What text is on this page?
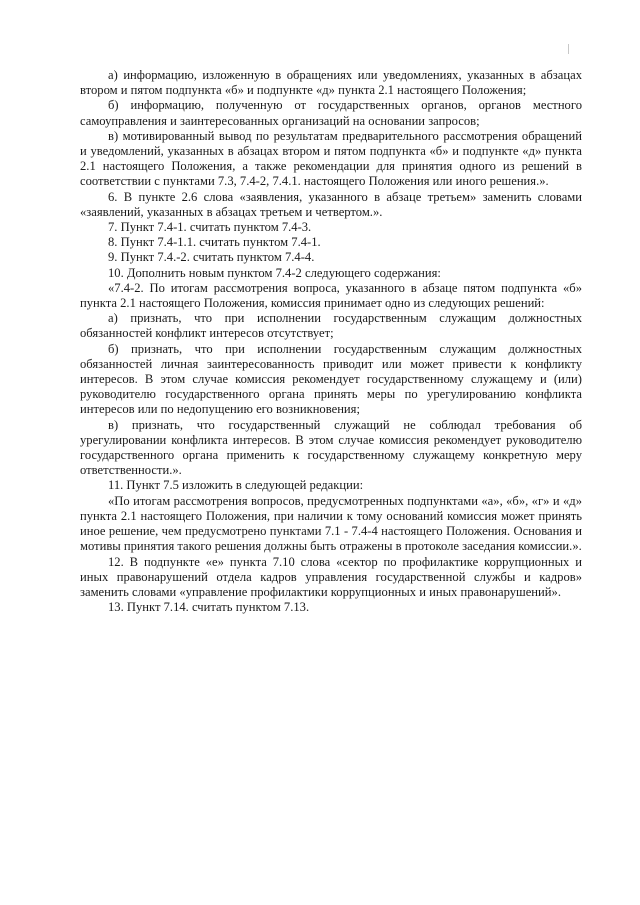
а) информацию, изложенную в обращениях или уведомлениях, указанных в абзацах втором и пятом подпункта «б» и подпункте «д» пункта 2.1 настоящего Положения;

б) информацию, полученную от государственных органов, органов местного самоуправления и заинтересованных организаций на основании запросов;

в) мотивированный вывод по результатам предварительного рассмотрения обращений и уведомлений, указанных в абзацах втором и пятом подпункта «б» и подпункте «д» пункта 2.1 настоящего Положения, а также рекомендации для принятия одного из решений в соответствии с пунктами 7.3, 7.4-2, 7.4.1. настоящего Положения или иного решения.».

6. В пункте 2.6 слова «заявления, указанного в абзаце третьем» заменить словами «заявлений, указанных в абзацах третьем и четвертом.».

7. Пункт 7.4-1. считать пунктом 7.4-3.

8. Пункт 7.4-1.1. считать пунктом 7.4-1.

9. Пункт 7.4.-2. считать пунктом 7.4-4.

10. Дополнить новым пунктом 7.4-2 следующего содержания:

«7.4-2. По итогам рассмотрения вопроса, указанного в абзаце пятом подпункта «б» пункта 2.1 настоящего Положения, комиссия принимает одно из следующих решений:

а) признать, что при исполнении государственным служащим должностных обязанностей конфликт интересов отсутствует;

б) признать, что при исполнении государственным служащим должностных обязанностей личная заинтересованность приводит или может привести к конфликту интересов. В этом случае комиссия рекомендует государственному служащему и (или) руководителю государственного органа принять меры по урегулированию конфликта интересов или по недопущению его возникновения;

в) признать, что государственный служащий не соблюдал требования об урегулировании конфликта интересов. В этом случае комиссия рекомендует руководителю государственного органа применить к государственному служащему конкретную меру ответственности.».

11. Пункт 7.5 изложить в следующей редакции:

«По итогам рассмотрения вопросов, предусмотренных подпунктами «а», «б», «г» и «д» пункта 2.1 настоящего Положения, при наличии к тому оснований комиссия может принять иное решение, чем предусмотрено пунктами 7.1 - 7.4-4 настоящего Положения. Основания и мотивы принятия такого решения должны быть отражены в протоколе заседания комиссии.».

12. В подпункте «е» пункта 7.10 слова «сектор по профилактике коррупционных и иных правонарушений отдела кадров управления государственной службы и кадров» заменить словами «управление профилактики коррупционных и иных правонарушений».

13. Пункт 7.14. считать пунктом 7.13.
